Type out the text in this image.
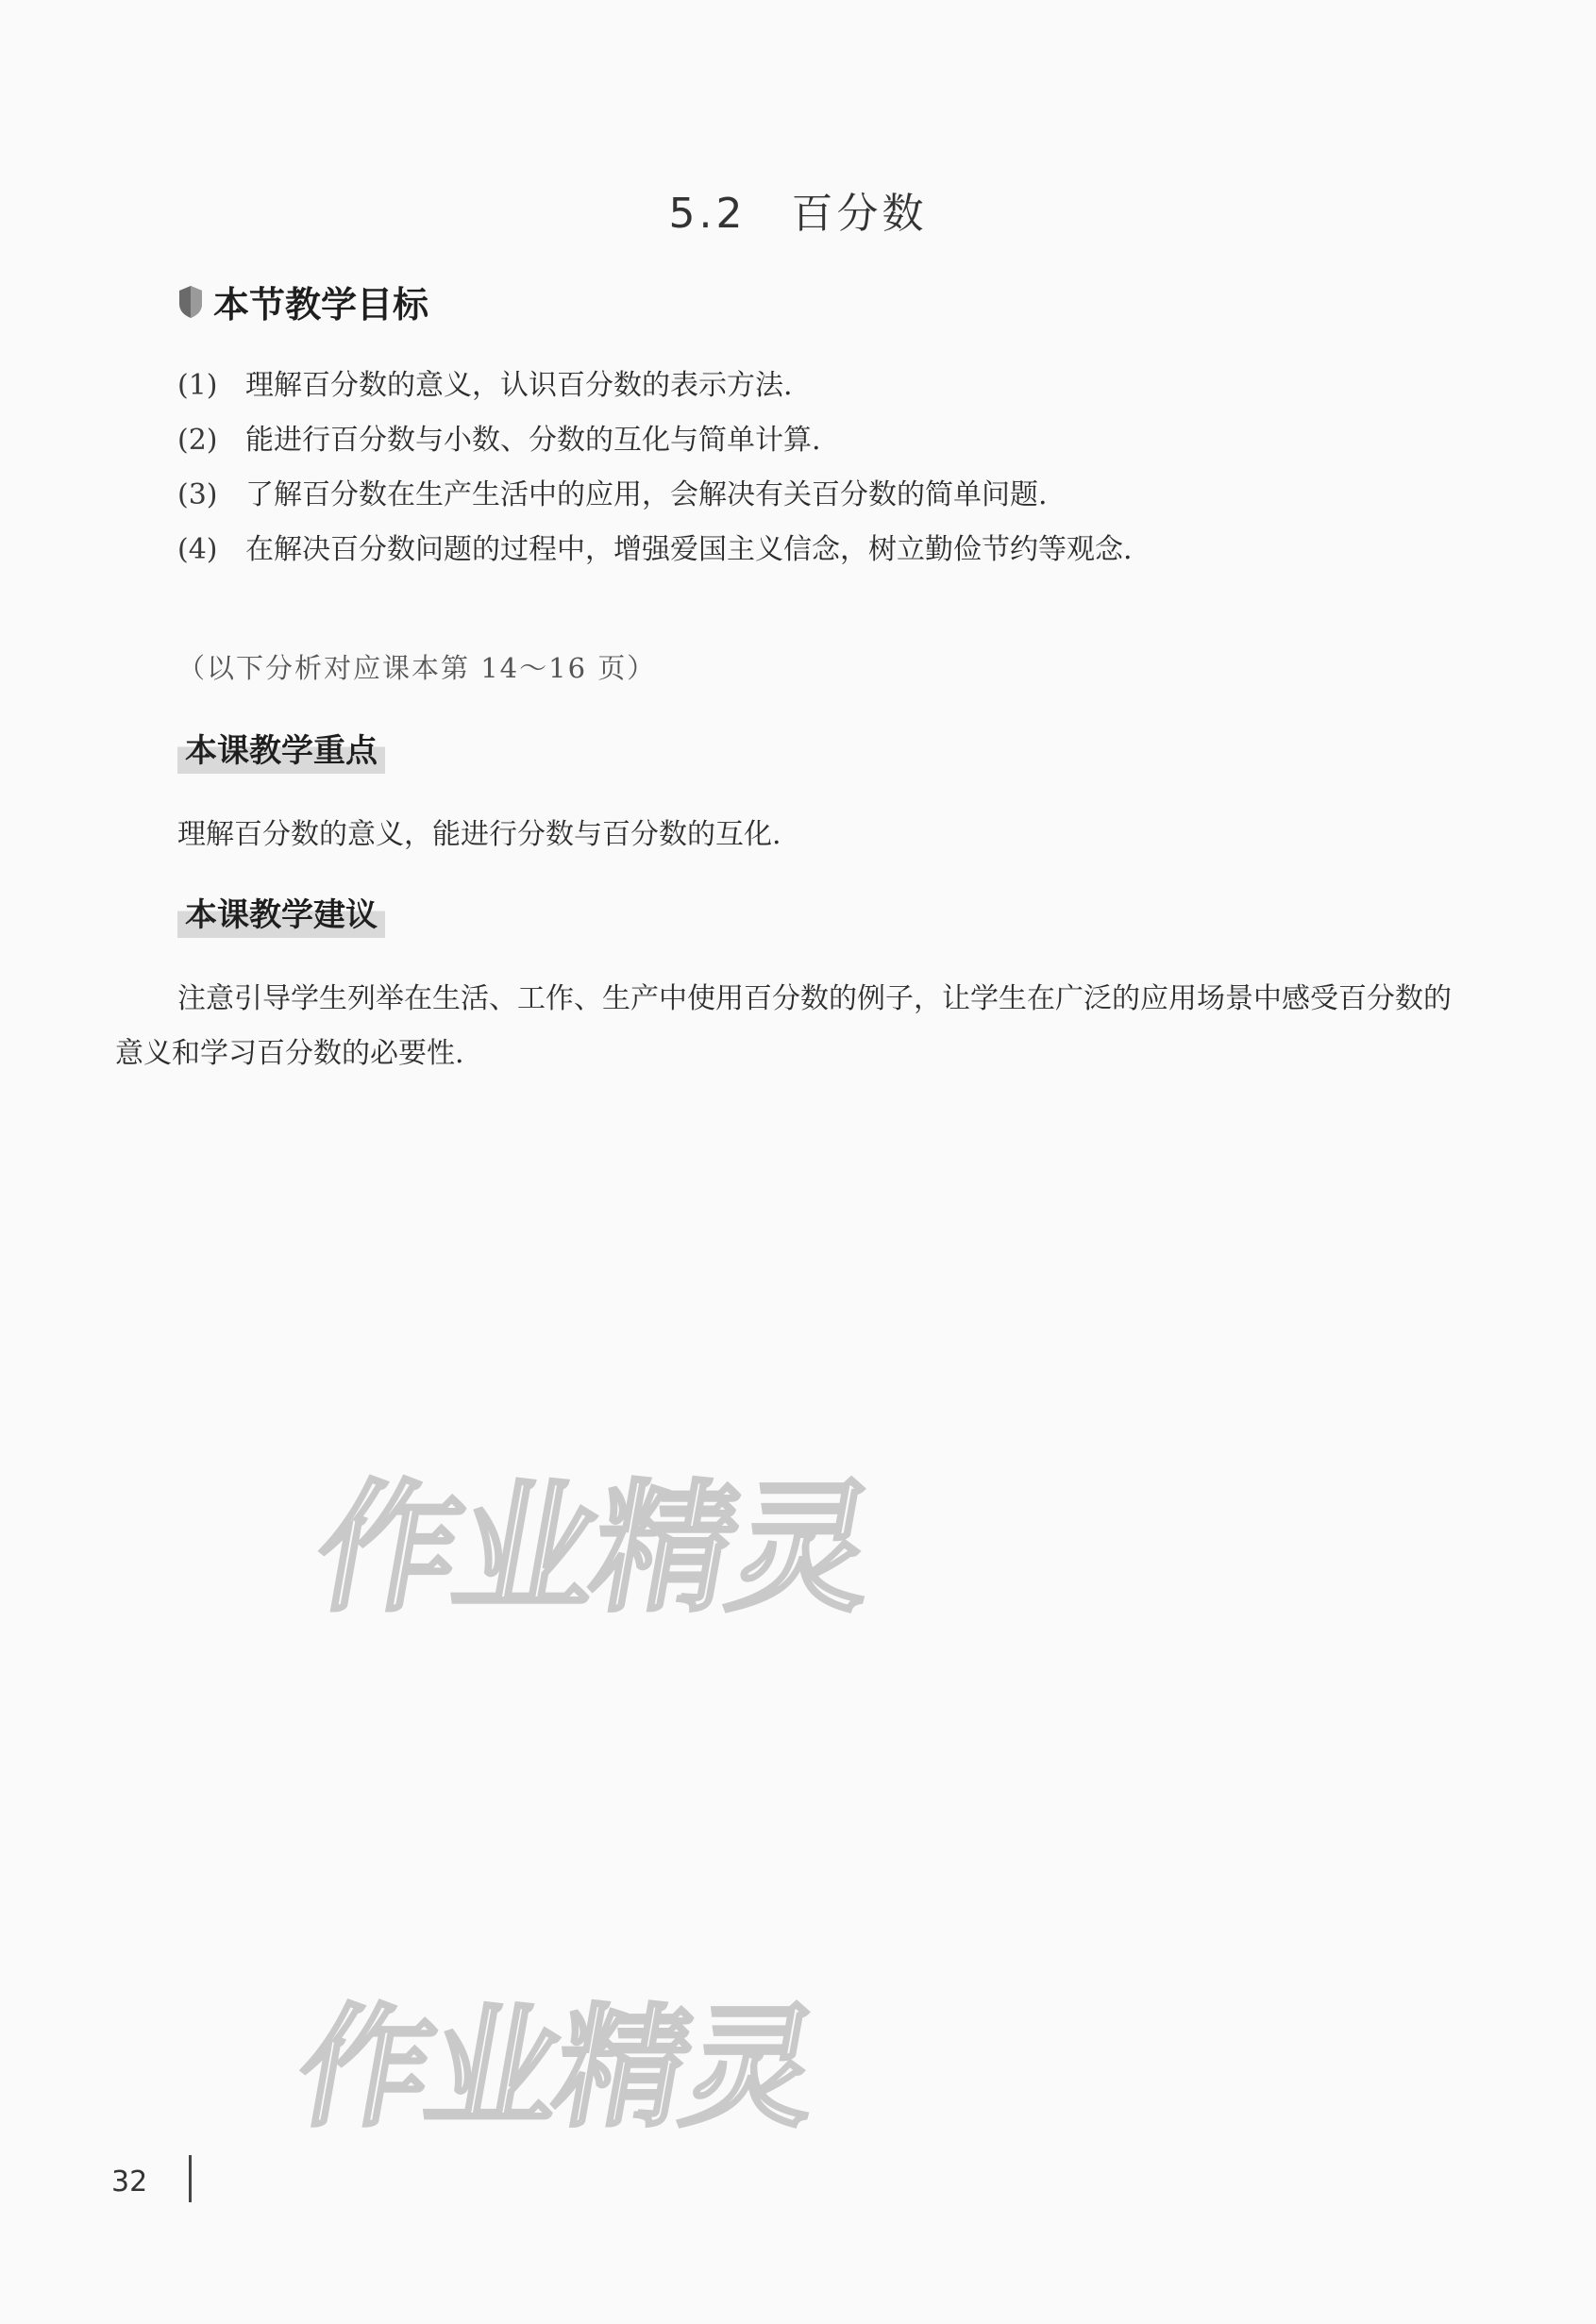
5.2 百分数
本节教学目标
(1) 理解百分数的意义，认识百分数的表示方法.
(2) 能进行百分数与小数、分数的互化与简单计算.
(3) 了解百分数在生产生活中的应用，会解决有关百分数的简单问题.
(4) 在解决百分数问题的过程中，增强爱国主义信念，树立勤俭节约等观念.
（以下分析对应课本第 14～16 页）
本课教学重点
理解百分数的意义，能进行分数与百分数的互化.
本课教学建议
注意引导学生列举在生活、工作、生产中使用百分数的例子，让学生在广泛的应用场景中感受百分数的意义和学习百分数的必要性.
作业精灵
作业精灵
32
